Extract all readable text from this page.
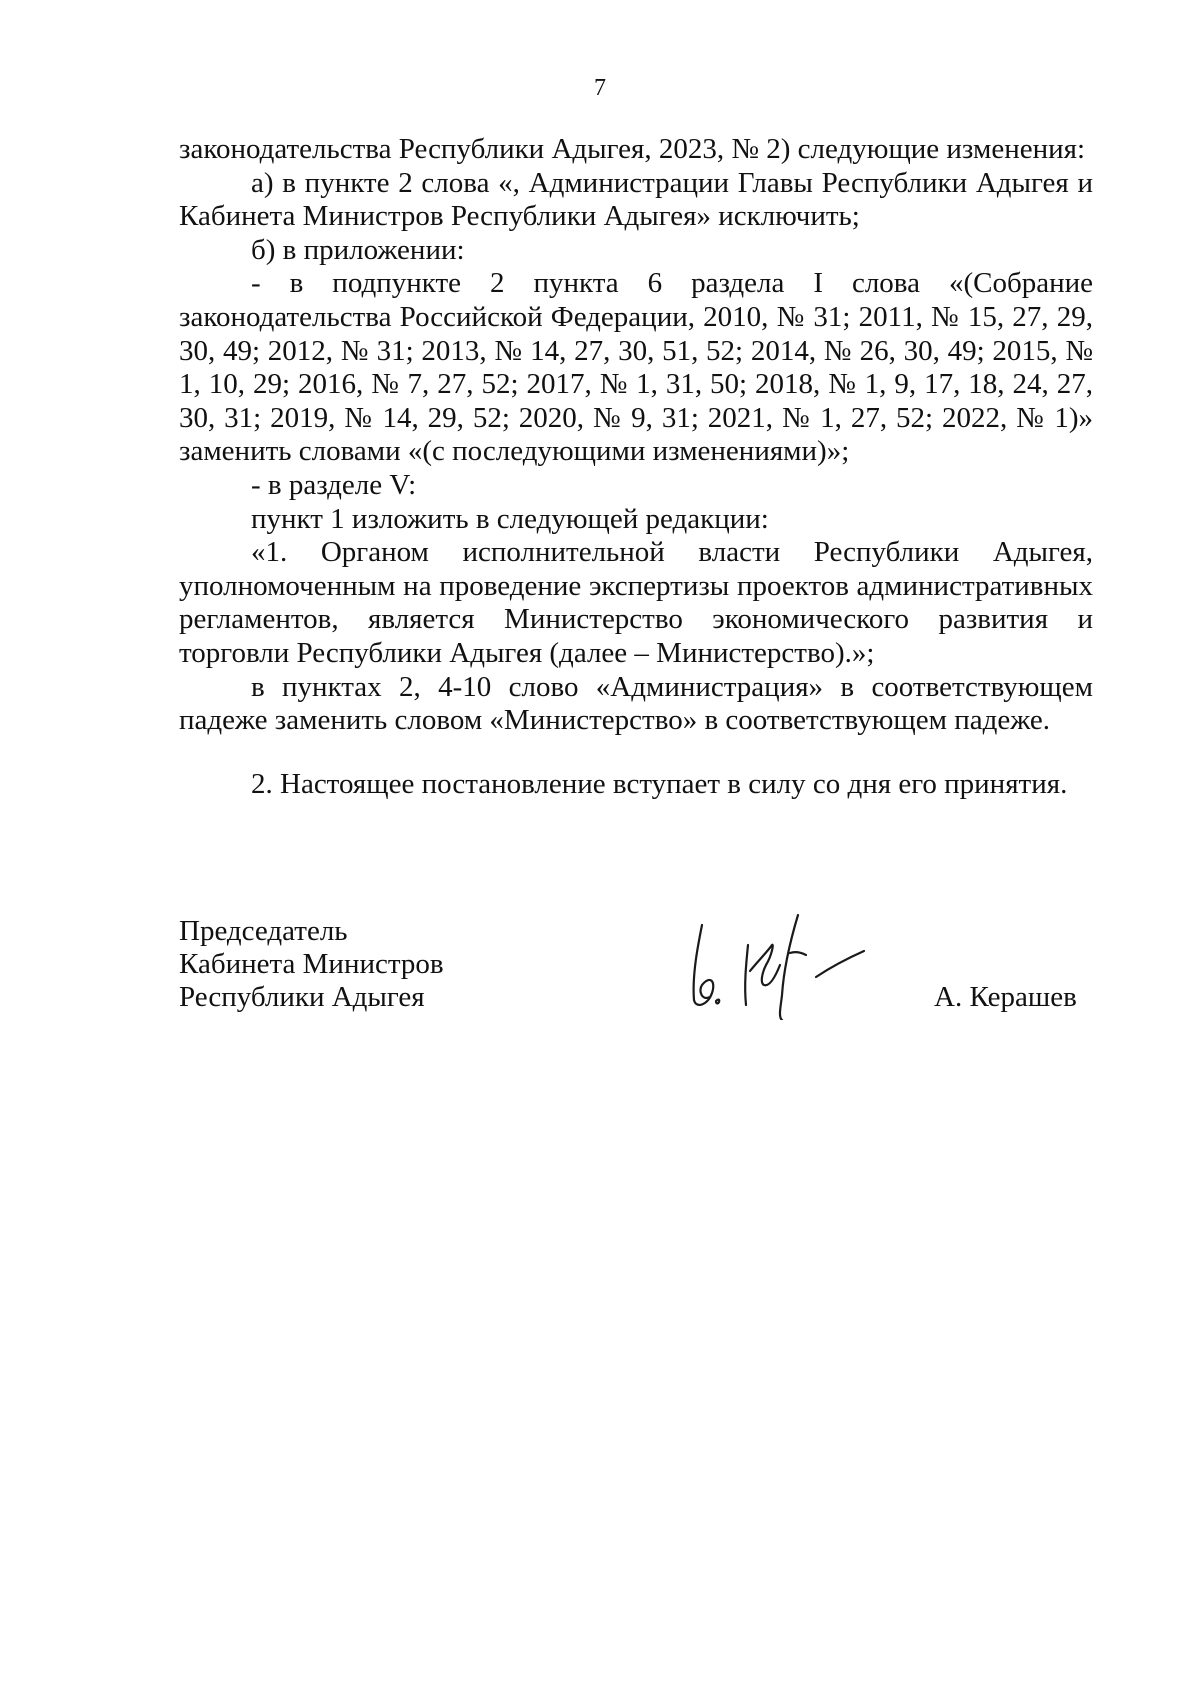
7

законодательства Республики Адыгея, 2023, № 2) следующие изменения:

а) в пункте 2 слова «, Администрации Главы Республики Адыгея и Кабинета Министров Республики Адыгея» исключить;

б) в приложении:

- в подпункте 2 пункта 6 раздела I слова «(Собрание законодательства Российской Федерации, 2010, № 31; 2011, № 15, 27, 29, 30, 49; 2012, № 31; 2013, № 14, 27, 30, 51, 52; 2014, № 26, 30, 49; 2015, № 1, 10, 29; 2016, № 7, 27, 52; 2017, № 1, 31, 50; 2018, № 1, 9, 17, 18, 24, 27, 30, 31; 2019, № 14, 29, 52; 2020, № 9, 31; 2021, № 1, 27, 52; 2022, № 1)» заменить словами «(с последующими изменениями)»;

- в разделе V:

пункт 1 изложить в следующей редакции:

«1. Органом исполнительной власти Республики Адыгея, уполномоченным на проведение экспертизы проектов административных регламентов, является Министерство экономического развития и торговли Республики Адыгея (далее – Министерство).»;

в пунктах 2, 4-10 слово «Администрация» в соответствующем падеже заменить словом «Министерство» в соответствующем падеже.

2. Настоящее постановление вступает в силу со дня его принятия.

Председатель
Кабинета Министров
Республики Адыгея	А. Керашев
